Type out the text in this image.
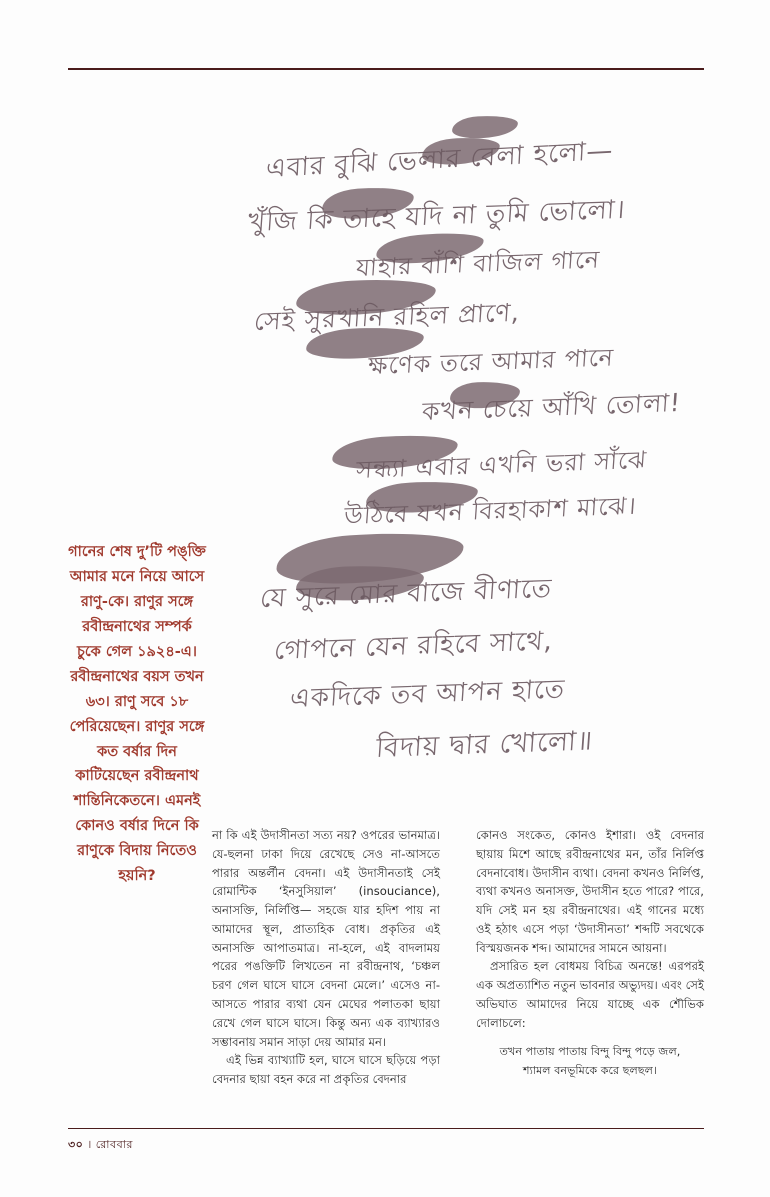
এবার বুঝি ভেলার বেলা হলো—
খ‌ুঁজি কি তাহে যদি না তুমি ভোলো।
যাহার বাঁশি বাজিল গানে
সেই সুরখানি রহিল প্রাণে,
ক্ষণেক তরে আমার পানে
কখন চেয়ে আঁখি তোলা!
সন্ধ্যা এবার এখনি ভরা সাঁঝে
উঠিবে যখন বিরহাকাশ মাঝে।
যে সুরে মোর বাজে বীণাতে
গোপনে যেন রহিবে সাথে,
একদিকে তব আপন হাতে
বিদায় দ্বার খোলো॥
গানের শেষ দু’টি পঙ‌্‌ক্তি আমার মনে নিয়ে আসে রাণু-কে। রাণুর সঙ্গে রবীন্দ্রনাথের সম্পর্ক চুকে গেল ১৯২৪-এ। রবীন্দ্রনাথের বয়স তখন ৬৩। রাণু সবে ১৮ পেরিয়েছেন। রাণুর সঙ্গে কত বর্ষার দিন কাটিয়েছেন রবীন্দ্রনাথ শান্তিনিকেতনে। এমনই কোনও বর্ষার দিনে কি রাণুকে বিদায় নিতেও হয়নি?

না কি এই উদাসীনতা সত্য নয়? ওপরের ভানমাত্র। যে-ছলনা ঢাকা দিয়ে রেখেছে সেও না-আসতে পারার অন্তর্লীন বেদনা। এই উদাসীনতাই সেই রোমান্টিক ‘ইনসুসিয়াল’ (insouciance), অনাসক্তি, নির্লিপ্তি— সহজে যার হদিশ পায় না আমাদের স্থূল, প্রাত্যহিক বোধ। প্রকৃতির এই অনাসক্তি আপাতমাত্র। না-হলে, এই বাদলাময় পরের পঙ‌ক্তিটি লিখতেন না রবীন্দ্রনাথ, ‘চঞ্চল চরণ গেল ঘাসে ঘাসে বেদনা মেলে।’ এসেও না-আসতে পারার ব্যথা যেন মেঘের পলাতকা ছায়া রেখে গেল ঘাসে ঘাসে। কিন্তু অন্য এক ব্যাখ্যারও সম্ভাবনায় সমান সাড়া দেয় আমার মন।

এই ভিন্ন ব্যাখ্যাটি হল, ঘাসে ঘাসে ছড়িয়ে পড়া বেদনার ছায়া বহন করে না প্রকৃতির বেদনার

কোনও সংকেত, কোনও ইশারা। ওই বেদনার ছায়ায় মিশে আছে রবীন্দ্রনাথের মন, তাঁর নির্লিপ্ত বেদনাবোধ। উদাসীন ব্যথা। বেদনা কখনও নির্লিপ্ত, ব্যথা কখনও অনাসক্ত, উদাসীন হতে পারে? পারে, যদি সেই মন হয় রবীন্দ্রনাথের। এই গানের মধ্যে ওই হঠাৎ এসে পড়া ‘উদাসীনতা’ শব্দটি সবথেকে বিস্ময়জনক শব্দ। আমাদের সামনে আয়না।

প্রসারিত হল বোধময় বিচিত্র অনন্তে! এরপরই এক অপ্রত্যাশিত নতুন ভাবনার অভ্যুদয়। এবং সেই অভিঘাত আমাদের নিয়ে যাচ্ছে এক শৌভিক দোলাচলে:

তখন পাতায় পাতায় বিন্দু বিন্দু পড়ে জল,
শ্যামল বনভূমিকে করে ছলছল।
৩০ । রোববার
